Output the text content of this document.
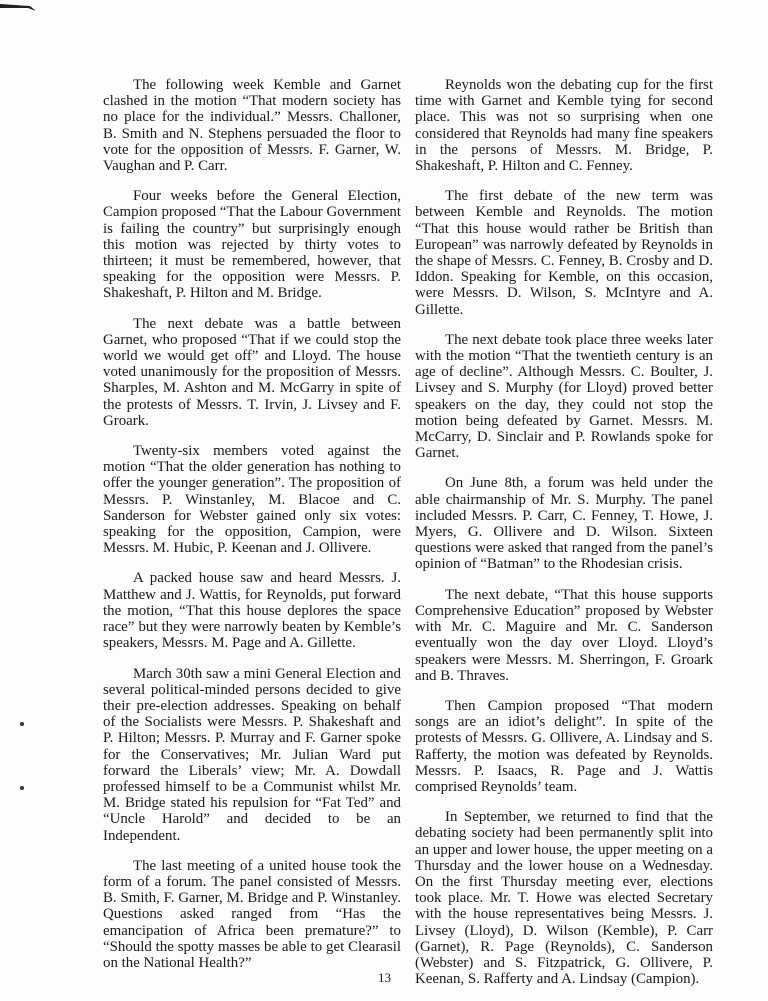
The following week Kemble and Garnet clashed in the motion “That modern society has no place for the individual.” Messrs. Challoner, B. Smith and N. Stephens persuaded the floor to vote for the opposition of Messrs. F. Garner, W. Vaughan and P. Carr.

Four weeks before the General Election, Campion proposed “That the Labour Government is failing the country” but surprisingly enough this motion was rejected by thirty votes to thirteen; it must be remembered, however, that speaking for the opposition were Messrs. P. Shakeshaft, P. Hilton and M. Bridge.

The next debate was a battle between Garnet, who proposed “That if we could stop the world we would get off” and Lloyd. The house voted unanimously for the proposition of Messrs. Sharples, M. Ashton and M. McGarry in spite of the protests of Messrs. T. Irvin, J. Livsey and F. Groark.

Twenty-six members voted against the motion “That the older generation has nothing to offer the younger generation”. The proposition of Messrs. P. Winstanley, M. Blacoe and C. Sanderson for Webster gained only six votes: speaking for the opposition, Campion, were Messrs. M. Hubic, P. Keenan and J. Ollivere.

A packed house saw and heard Messrs. J. Matthew and J. Wattis, for Reynolds, put forward the motion, “That this house deplores the space race” but they were narrowly beaten by Kemble’s speakers, Messrs. M. Page and A. Gillette.

March 30th saw a mini General Election and several political-minded persons decided to give their pre-election addresses. Speaking on behalf of the Socialists were Messrs. P. Shakeshaft and P. Hilton; Messrs. P. Murray and F. Garner spoke for the Conservatives; Mr. Julian Ward put forward the Liberals’ view; Mr. A. Dowdall professed himself to be a Communist whilst Mr. M. Bridge stated his repulsion for “Fat Ted” and “Uncle Harold” and decided to be an Independent.

The last meeting of a united house took the form of a forum. The panel consisted of Messrs. B. Smith, F. Garner, M. Bridge and P. Winstanley. Questions asked ranged from “Has the emancipation of Africa been premature?” to “Should the spotty masses be able to get Clearasil on the National Health?”

Reynolds won the debating cup for the first time with Garnet and Kemble tying for second place. This was not so surprising when one considered that Reynolds had many fine speakers in the persons of Messrs. M. Bridge, P. Shakeshaft, P. Hilton and C. Fenney.

The first debate of the new term was between Kemble and Reynolds. The motion “That this house would rather be British than European” was narrowly defeated by Reynolds in the shape of Messrs. C. Fenney, B. Crosby and D. Iddon. Speaking for Kemble, on this occasion, were Messrs. D. Wilson, S. McIntyre and A. Gillette.

The next debate took place three weeks later with the motion “That the twentieth century is an age of decline”. Although Messrs. C. Boulter, J. Livsey and S. Murphy (for Lloyd) proved better speakers on the day, they could not stop the motion being defeated by Garnet. Messrs. M. McCarry, D. Sinclair and P. Rowlands spoke for Garnet.

On June 8th, a forum was held under the able chairmanship of Mr. S. Murphy. The panel included Messrs. P. Carr, C. Fenney, T. Howe, J. Myers, G. Ollivere and D. Wilson. Sixteen questions were asked that ranged from the panel’s opinion of “Batman” to the Rhodesian crisis.

The next debate, “That this house supports Comprehensive Education” proposed by Webster with Mr. C. Maguire and Mr. C. Sanderson eventually won the day over Lloyd. Lloyd’s speakers were Messrs. M. Sherringon, F. Groark and B. Thraves.

Then Campion proposed “That modern songs are an idiot’s delight”. In spite of the protests of Messrs. G. Ollivere, A. Lindsay and S. Rafferty, the motion was defeated by Reynolds. Messrs. P. Isaacs, R. Page and J. Wattis comprised Reynolds’ team.

In September, we returned to find that the debating society had been permanently split into an upper and lower house, the upper meeting on a Thursday and the lower house on a Wednesday. On the first Thursday meeting ever, elections took place. Mr. T. Howe was elected Secretary with the house representatives being Messrs. J. Livsey (Lloyd), D. Wilson (Kemble), P. Carr (Garnet), R. Page (Reynolds), C. Sanderson (Webster) and S. Fitzpatrick, G. Ollivere, P. Keenan, S. Rafferty and A. Lindsay (Campion).

13
